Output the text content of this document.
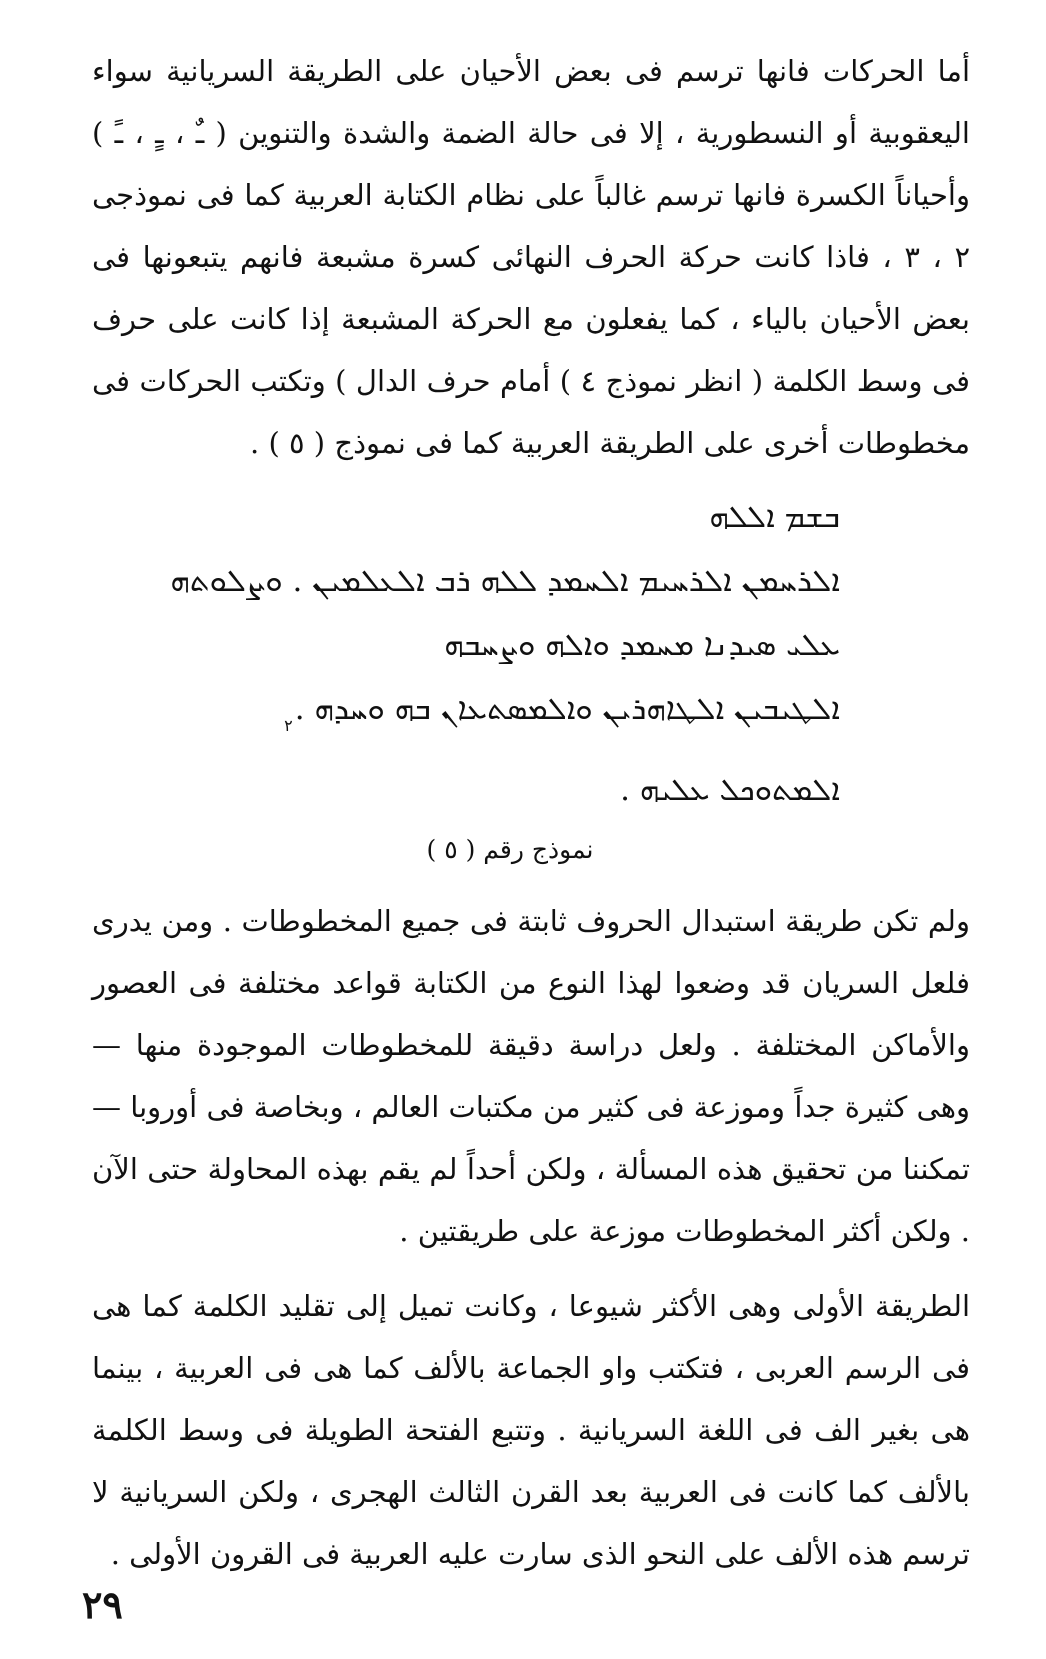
أما الحركات فانها ترسم فى بعض الأحيان على الطريقة السريانية سواء اليعقوبية أو النسطورية ، إلا فى حالة الضمة والشدة والتنوين ( ـٌ ، ـٍ ، ـً ) وأحياناً الكسرة فانها ترسم غالباً على نظام الكتابة العربية كما فى نموذجى ٢ ، ٣ ، فاذا كانت حركة الحرف النهائى كسرة مشبعة فانهم يتبعونها فى بعض الأحيان بالياء ، كما يفعلون مع الحركة المشبعة إذا كانت على حرف فى وسط الكلمة ( انظر نموذج ٤ ) أمام حرف الدال ) وتكتب الحركات فى مخطوطات أخرى على الطريقة العربية كما فى نموذج ( ٥ ) .

ܒܫܡ ܐܠܠܗ
ܐܠܪܚܡܢ ܐܠܪܚܝܡ ܐܠܚܡܕ ܠܠܗ ܪܒ ܐܠܥܠܡܝܢ . ܘܨܠܘܬܗ
ܥܠܝ ܣܝܕܢܐ ܡܚܡܕ ܘܐܠܗ ܘܨܚܒܗ
ܐܠܛܝܒܝܢ ܐܠܛܐܗܪܝܢ ܘܐܠܡܣܬܥܐܢ ܒܗ ܘܚܕܗ $._٢$
ܐܠܡܬܘܟܠ ܥܠܝܗ .
نموذج رقم ( ٥ )

ولم تكن طريقة استبدال الحروف ثابتة فى جميع المخطوطات . ومن يدرى فلعل السريان قد وضعوا لهذا النوع من الكتابة قواعد مختلفة فى العصور والأماكن المختلفة . ولعل دراسة دقيقة للمخطوطات الموجودة منها — وهى كثيرة جداً وموزعة فى كثير من مكتبات العالم ، وبخاصة فى أوروبا — تمكننا من تحقيق هذه المسألة ، ولكن أحداً لم يقم بهذه المحاولة حتى الآن . ولكن أكثر المخطوطات موزعة على طريقتين .

الطريقة الأولى وهى الأكثر شيوعا ، وكانت تميل إلى تقليد الكلمة كما هى فى الرسم العربى ، فتكتب واو الجماعة بالألف كما هى فى العربية ، بينما هى بغير الف فى اللغة السريانية . وتتبع الفتحة الطويلة فى وسط الكلمة بالألف كما كانت فى العربية بعد القرن الثالث الهجرى ، ولكن السريانية لا ترسم هذه الألف على النحو الذى سارت عليه العربية فى القرون الأولى .

٢٩
